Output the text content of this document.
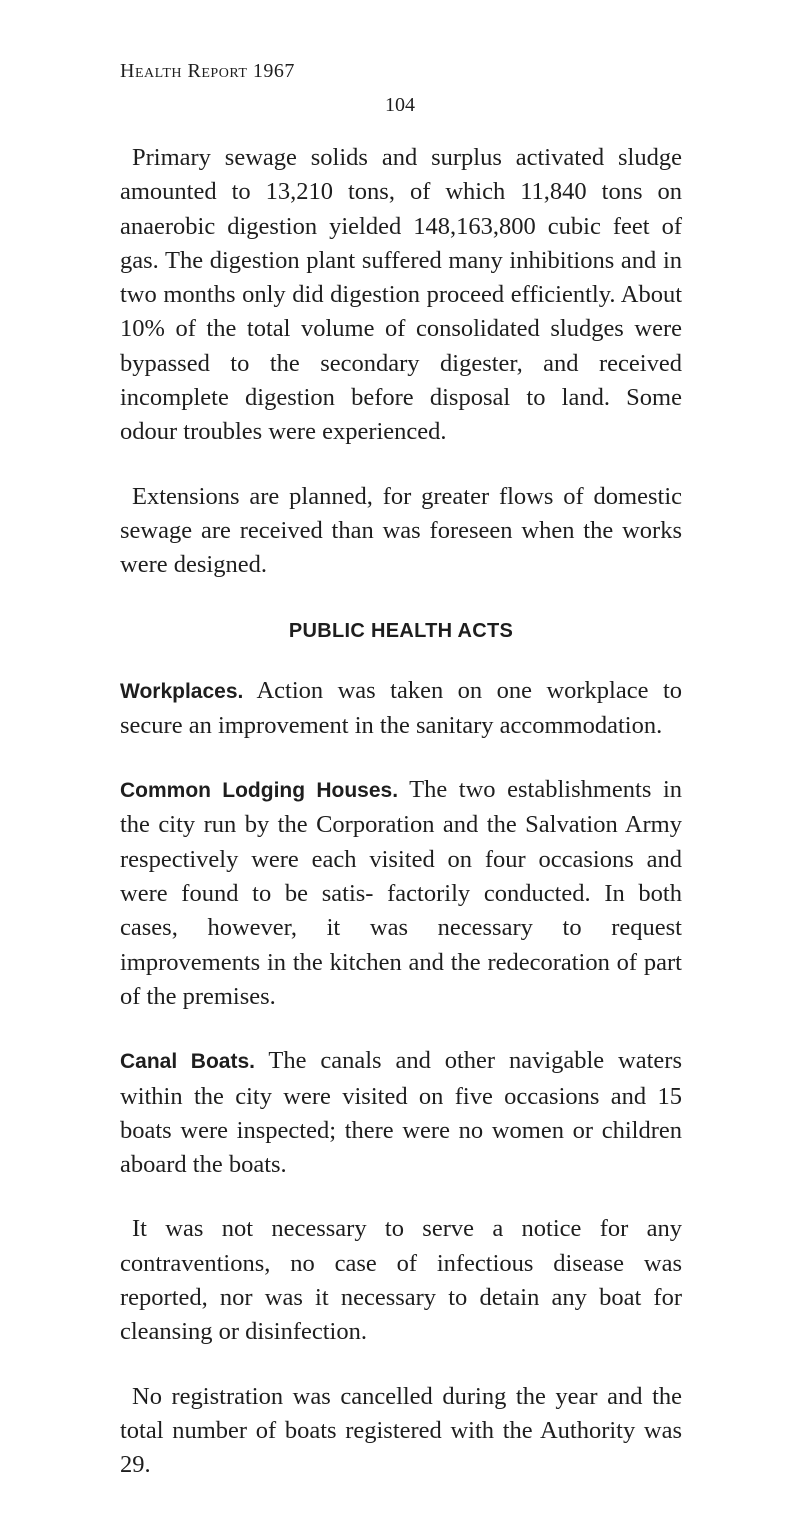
Health Report 1967
104

Primary sewage solids and surplus activated sludge amounted to 13,210 tons, of which 11,840 tons on anaerobic digestion yielded 148,163,800 cubic feet of gas. The digestion plant suffered many inhibitions and in two months only did digestion proceed efficiently. About 10% of the total volume of consolidated sludges were bypassed to the secondary digester, and received incomplete digestion before disposal to land. Some odour troubles were experienced.

Extensions are planned, for greater flows of domestic sewage are received than was foreseen when the works were designed.

PUBLIC HEALTH ACTS

Workplaces. Action was taken on one workplace to secure an improvement in the sanitary accommodation.

Common Lodging Houses. The two establishments in the city run by the Corporation and the Salvation Army respectively were each visited on four occasions and were found to be satis- factorily conducted. In both cases, however, it was necessary to request improvements in the kitchen and the redecoration of part of the premises.

Canal Boats. The canals and other navigable waters within the city were visited on five occasions and 15 boats were inspected; there were no women or children aboard the boats.

It was not necessary to serve a notice for any contraventions, no case of infectious disease was reported, nor was it necessary to detain any boat for cleansing or disinfection.

No registration was cancelled during the year and the total number of boats registered with the Authority was 29.
